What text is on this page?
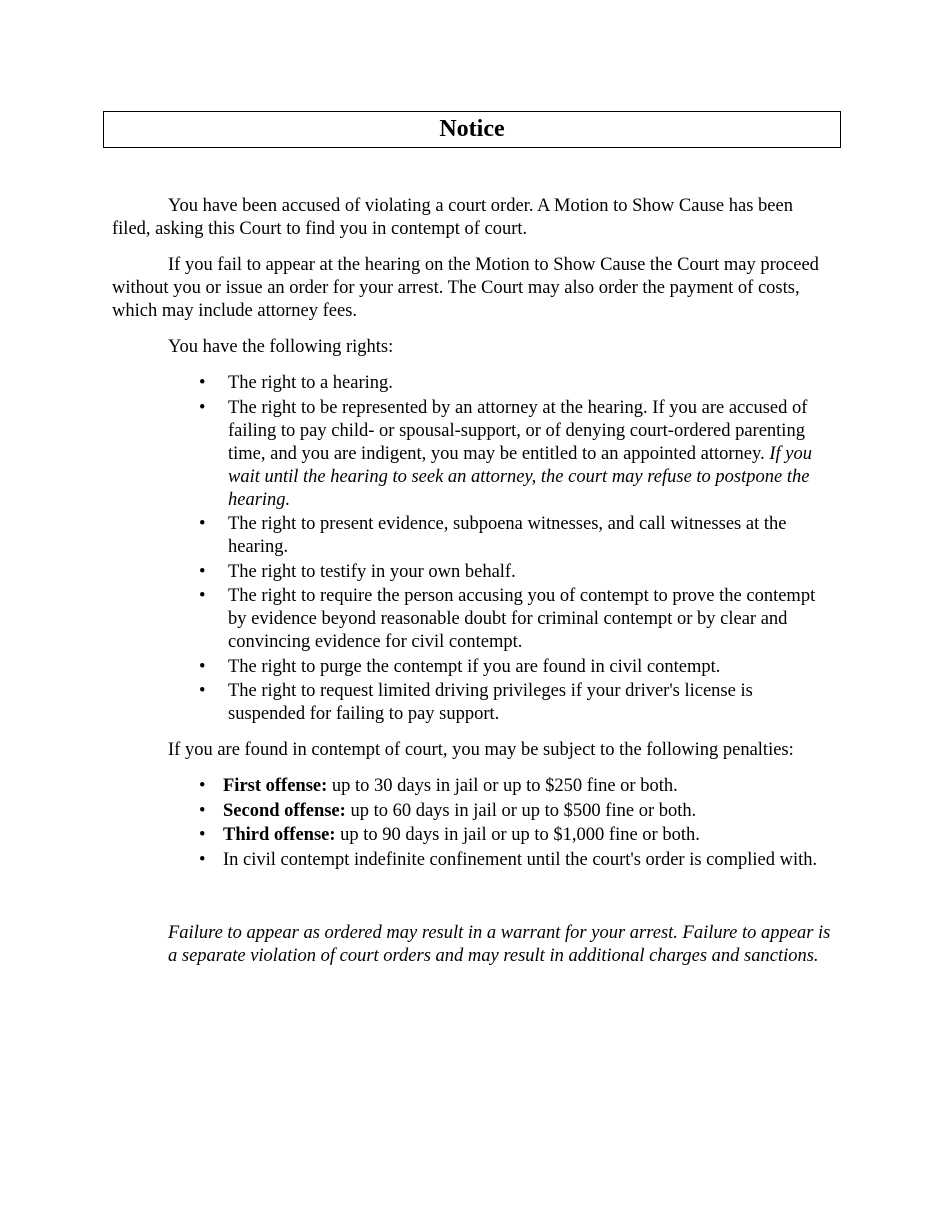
Notice

You have been accused of violating a court order. A Motion to Show Cause has been filed, asking this Court to find you in contempt of court.

If you fail to appear at the hearing on the Motion to Show Cause the Court may proceed without you or issue an order for your arrest. The Court may also order the payment of costs, which may include attorney fees.

You have the following rights:

• The right to a hearing.
• The right to be represented by an attorney at the hearing. If you are accused of failing to pay child- or spousal-support, or of denying court-ordered parenting time, and you are indigent, you may be entitled to an appointed attorney. If you wait until the hearing to seek an attorney, the court may refuse to postpone the hearing.
• The right to present evidence, subpoena witnesses, and call witnesses at the hearing.
• The right to testify in your own behalf.
• The right to require the person accusing you of contempt to prove the contempt by evidence beyond reasonable doubt for criminal contempt or by clear and convincing evidence for civil contempt.
• The right to purge the contempt if you are found in civil contempt.
• The right to request limited driving privileges if your driver's license is suspended for failing to pay support.

If you are found in contempt of court, you may be subject to the following penalties:

• First offense: up to 30 days in jail or up to $250 fine or both.
• Second offense: up to 60 days in jail or up to $500 fine or both.
• Third offense: up to 90 days in jail or up to $1,000 fine or both.
• In civil contempt indefinite confinement until the court's order is complied with.

Failure to appear as ordered may result in a warrant for your arrest. Failure to appear is a separate violation of court orders and may result in additional charges and sanctions.
